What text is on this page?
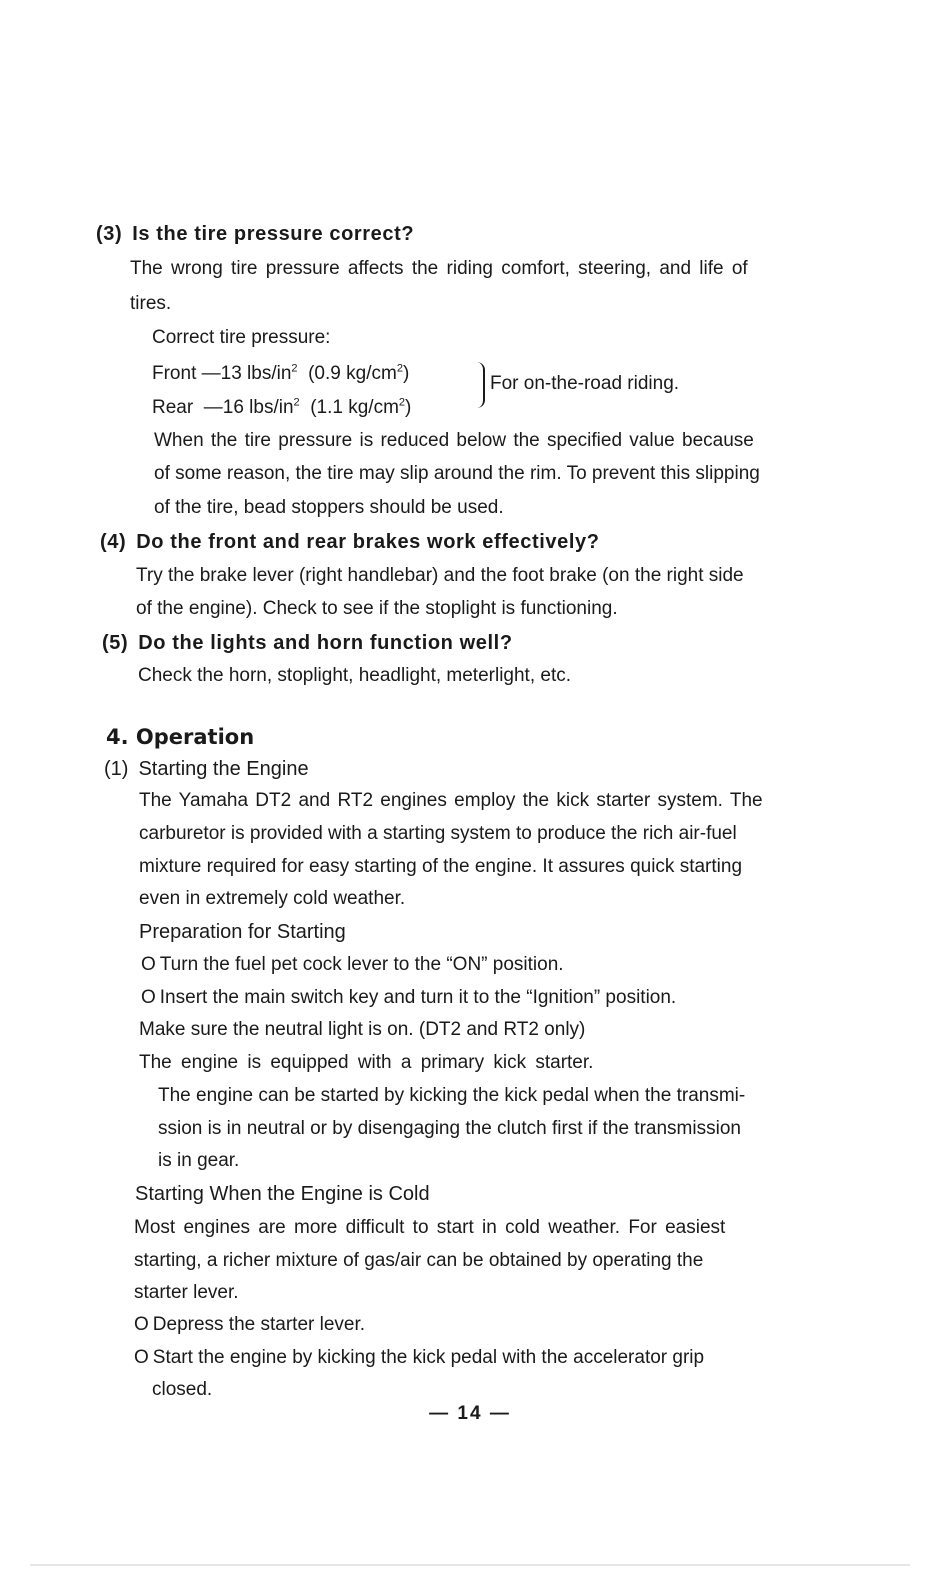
(3) Is the tire pressure correct?
The wrong tire pressure affects the riding comfort, steering, and life of
tires.
Correct tire pressure:
Front —13 lbs/$in^2$ (0.9 $kg/cm^2$)
Rear —16 lbs/$in^2$ (1.1 $kg/cm^2$)
For on-the-road riding.
When the tire pressure is reduced below the specified value because
of some reason, the tire may slip around the rim. To prevent this slipping
of the tire, bead stoppers should be used.
(4) Do the front and rear brakes work effectively?
Try the brake lever (right handlebar) and the foot brake (on the right side
of the engine). Check to see if the stoplight is functioning.
(5) Do the lights and horn function well?
Check the horn, stoplight, headlight, meterlight, etc.
4. Operation
(1) Starting the Engine
The Yamaha DT2 and RT2 engines employ the kick starter system. The
carburetor is provided with a starting system to produce the rich air-fuel
mixture required for easy starting of the engine. It assures quick starting
even in extremely cold weather.
Preparation for Starting
O Turn the fuel pet cock lever to the “ON” position.
O Insert the main switch key and turn it to the “Ignition” position.
Make sure the neutral light is on. (DT2 and RT2 only)
The engine is equipped with a primary kick starter.
The engine can be started by kicking the kick pedal when the transmi-
ssion is in neutral or by disengaging the clutch first if the transmission
is in gear.
Starting When the Engine is Cold
Most engines are more difficult to start in cold weather. For easiest
starting, a richer mixture of gas/air can be obtained by operating the
starter lever.
O Depress the starter lever.
O Start the engine by kicking the kick pedal with the accelerator grip
closed.
— 14 —
